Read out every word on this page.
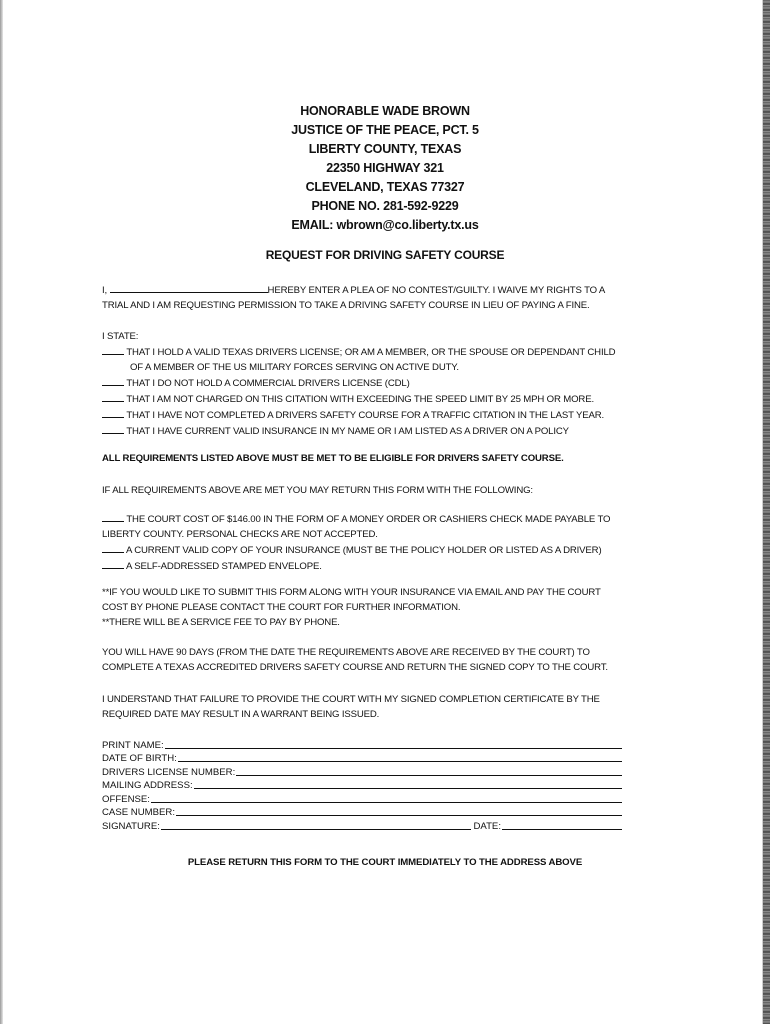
HONORABLE WADE BROWN
JUSTICE OF THE PEACE, PCT. 5
LIBERTY COUNTY, TEXAS
22350 HIGHWAY 321
CLEVELAND, TEXAS 77327
PHONE NO. 281-592-9229
EMAIL: wbrown@co.liberty.tx.us
REQUEST FOR DRIVING SAFETY COURSE
I,	HEREBY ENTER A PLEA OF NO CONTEST/GUILTY. I WAIVE MY RIGHTS TO A
TRIAL AND I AM REQUESTING PERMISSION TO TAKE A DRIVING SAFETY COURSE IN LIEU OF PAYING A FINE.
I STATE:
THAT I HOLD A VALID TEXAS DRIVERS LICENSE; OR AM A MEMBER, OR THE SPOUSE OR DEPENDANT CHILD
OF A MEMBER OF THE US MILITARY FORCES SERVING ON ACTIVE DUTY.
THAT I DO NOT HOLD A COMMERCIAL DRIVERS LICENSE (CDL)
THAT I AM NOT CHARGED ON THIS CITATION WITH EXCEEDING THE SPEED LIMIT BY 25 MPH OR MORE.
THAT I HAVE NOT COMPLETED A DRIVERS SAFETY COURSE FOR A TRAFFIC CITATION IN THE LAST YEAR.
THAT I HAVE CURRENT VALID INSURANCE IN MY NAME OR I AM LISTED AS A DRIVER ON A POLICY
ALL REQUIREMENTS LISTED ABOVE MUST BE MET TO BE ELIGIBLE FOR DRIVERS SAFETY COURSE.
IF ALL REQUIREMENTS ABOVE ARE MET YOU MAY RETURN THIS FORM WITH THE FOLLOWING:
THE COURT COST OF $146.00 IN THE FORM OF A MONEY ORDER OR CASHIERS CHECK MADE PAYABLE TO
LIBERTY COUNTY. PERSONAL CHECKS ARE NOT ACCEPTED.
A CURRENT VALID COPY OF YOUR INSURANCE (MUST BE THE POLICY HOLDER OR LISTED AS A DRIVER)
A SELF-ADDRESSED STAMPED ENVELOPE.
**IF YOU WOULD LIKE TO SUBMIT THIS FORM ALONG WITH YOUR INSURANCE VIA EMAIL AND PAY THE COURT
COST BY PHONE PLEASE CONTACT THE COURT FOR FURTHER INFORMATION.
**THERE WILL BE A SERVICE FEE TO PAY BY PHONE.
YOU WILL HAVE 90 DAYS (FROM THE DATE THE REQUIREMENTS ABOVE ARE RECEIVED BY THE COURT) TO
COMPLETE A TEXAS ACCREDITED DRIVERS SAFETY COURSE AND RETURN THE SIGNED COPY TO THE COURT.
I UNDERSTAND THAT FAILURE TO PROVIDE THE COURT WITH MY SIGNED COMPLETION CERTIFICATE BY THE
REQUIRED DATE MAY RESULT IN A WARRANT BEING ISSUED.
PRINT NAME:
DATE OF BIRTH:
DRIVERS LICENSE NUMBER:
MAILING ADDRESS:
OFFENSE:
CASE NUMBER:
SIGNATURE:	DATE:
PLEASE RETURN THIS FORM TO THE COURT IMMEDIATELY TO THE ADDRESS ABOVE
